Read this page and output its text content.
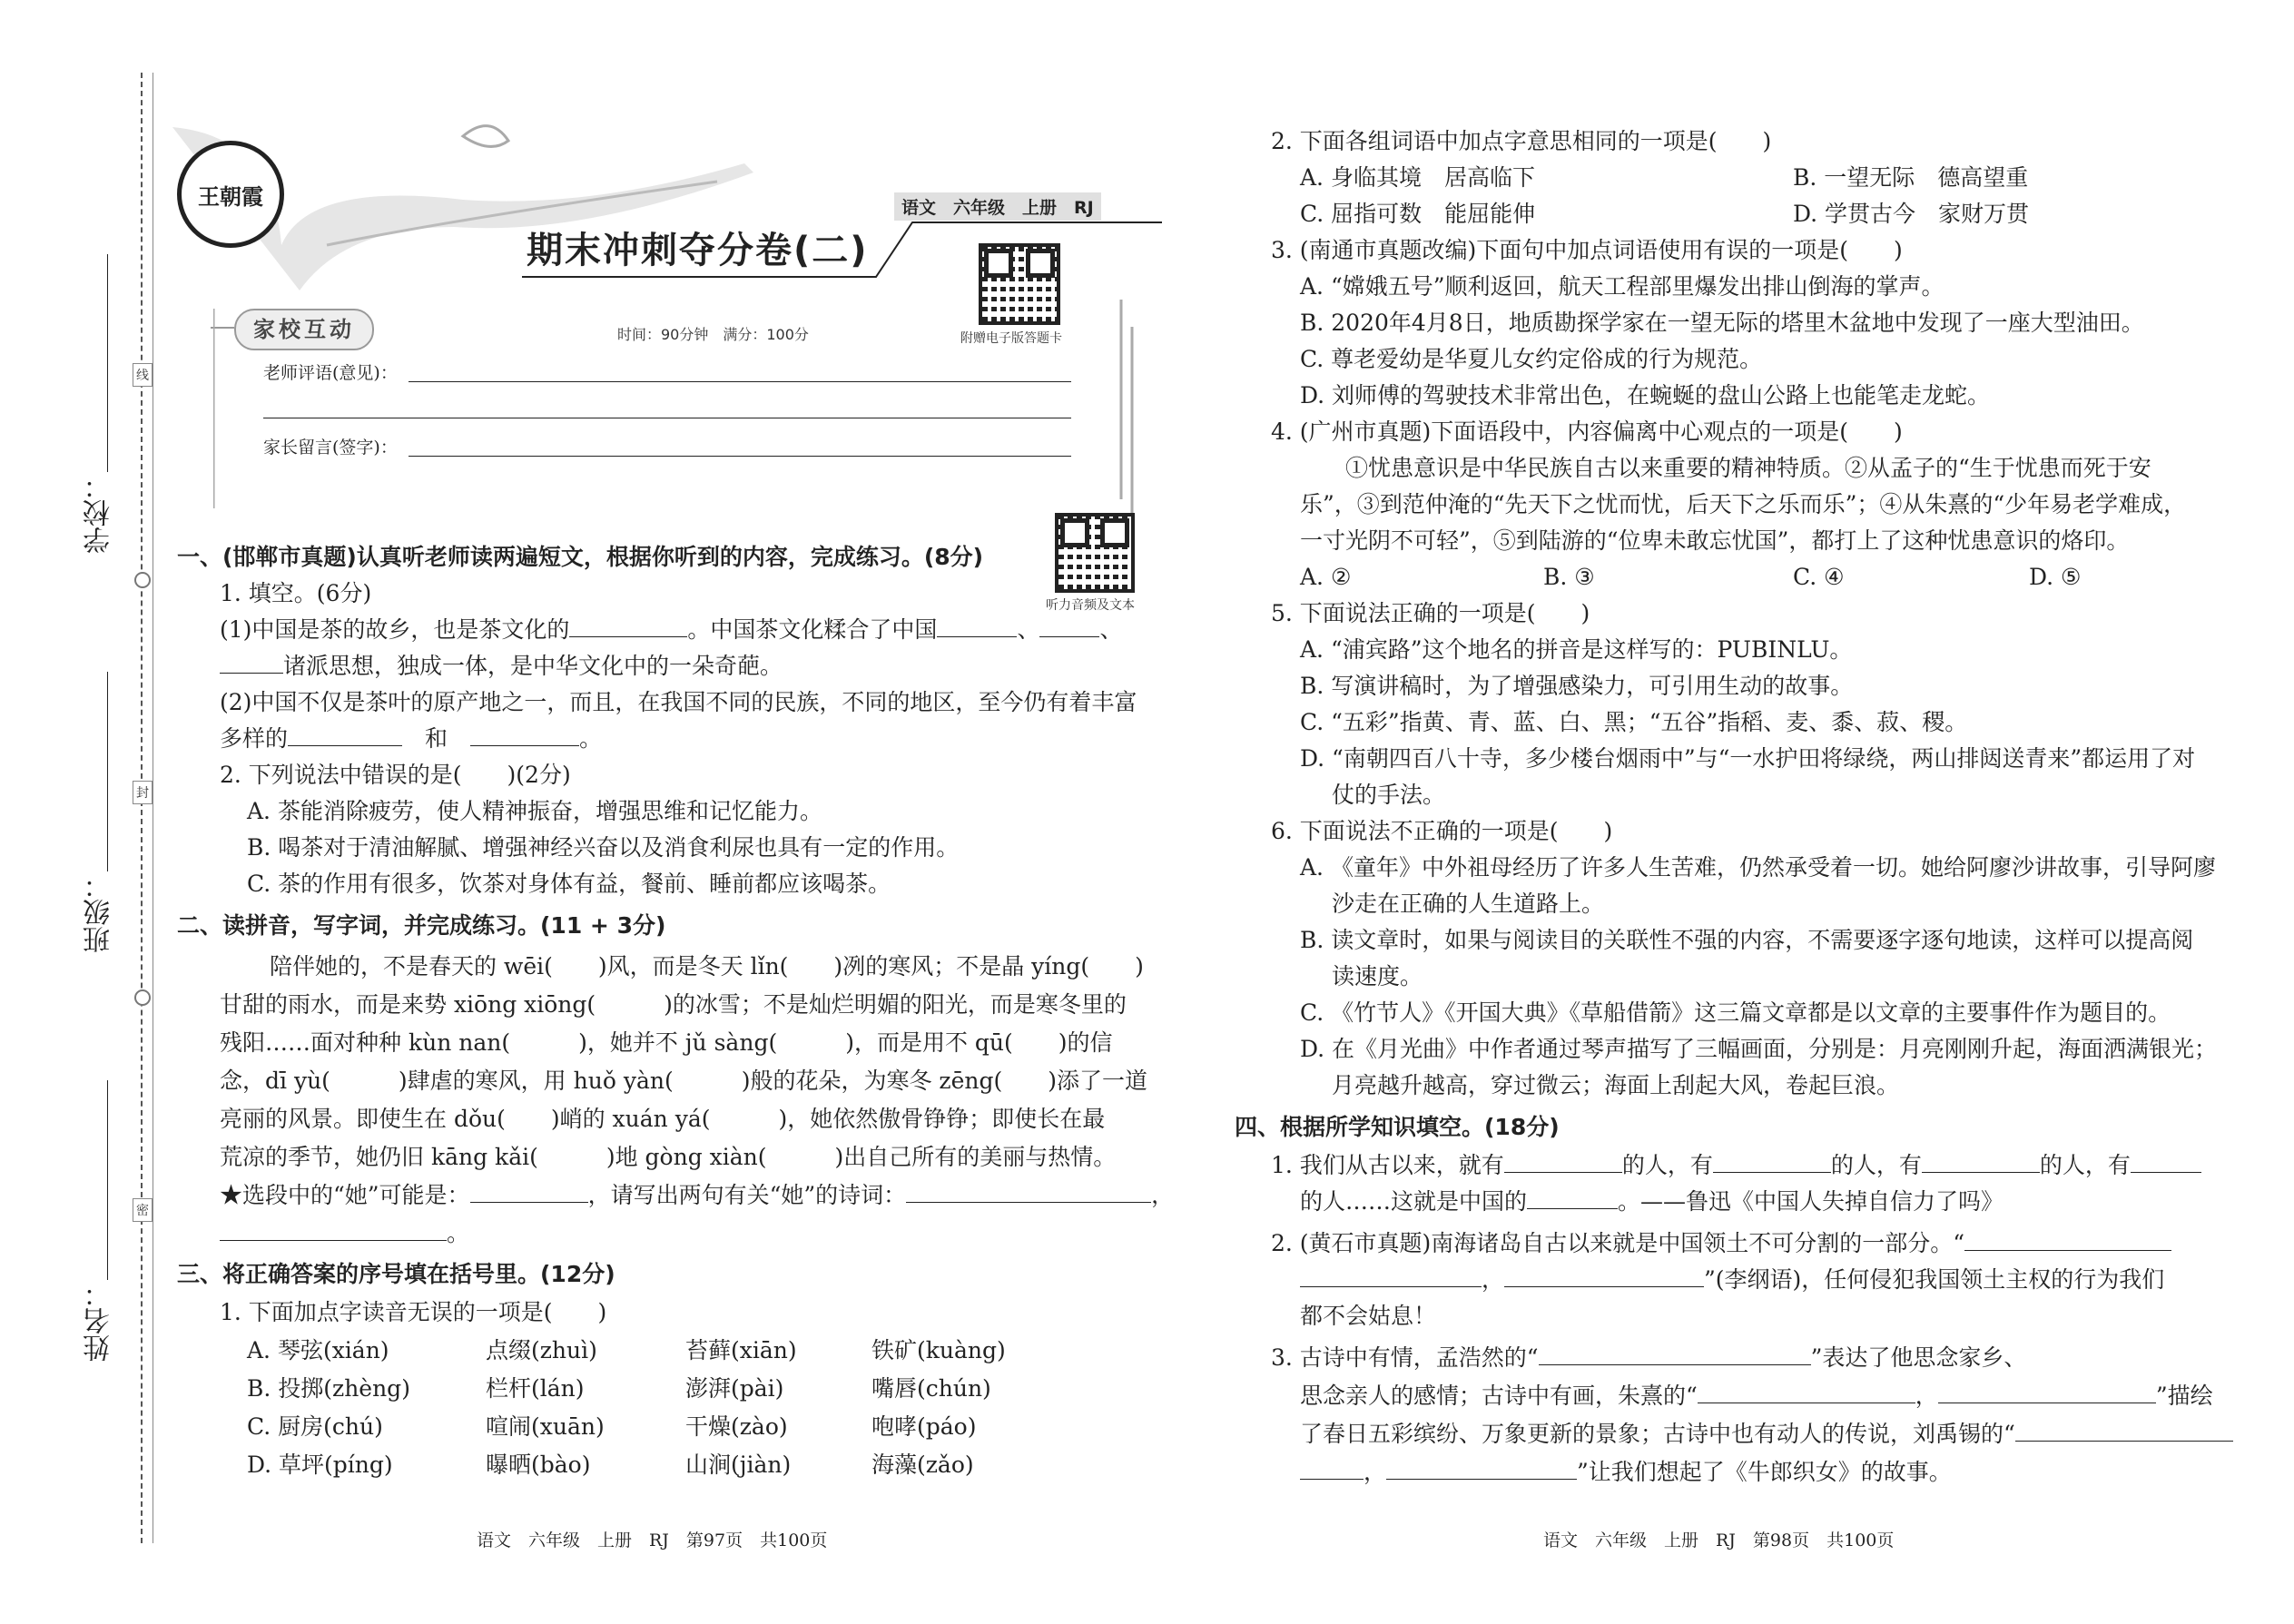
学校：
班级：
姓名：
线
封
密
王朝霞
期末冲刺夺分卷(二)
语文　六年级　上册　RJ
附赠电子版答题卡
家校互动	时间：90分钟　满分：100分
老师评语(意见)：
家长留言(签字)：
听力音频及文本
一、(邯郸市真题)认真听老师读两遍短文，根据你听到的内容，完成练习。(8分)
1. 填空。(6分)
(1)中国是茶的故乡，也是茶文化的	。中国茶文化糅合了中国	、	、
诸派思想，独成一体，是中华文化中的一朵奇葩。
(2)中国不仅是茶叶的原产地之一，而且，在我国不同的民族，不同的地区，至今仍有着丰富
多样的　	和　	。
2. 下列说法中错误的是(　　)(2分)
A. 茶能消除疲劳，使人精神振奋，增强思维和记忆能力。
B. 喝茶对于清油解腻、增强神经兴奋以及消食利尿也具有一定的作用。
C. 茶的作用有很多，饮茶对身体有益，餐前、睡前都应该喝茶。
二、读拼音，写字词，并完成练习。(11 + 3分)
陪伴她的，不是春天的 wēi(　　)风，而是冬天 lǐn(　　)冽的寒风；不是晶 yíng(　　)
甘甜的雨水，而是来势 xiōng xiōng(　　　)的冰雪；不是灿烂明媚的阳光，而是寒冬里的
残阳……面对种种 kùn nan(　　　)，她并不 jǔ sàng(　　　)，而是用不 qū(　　)的信
念，dī yù(　　　)肆虐的寒风，用 huǒ yàn(　　　)般的花朵，为寒冬 zēng(　　)添了一道
亮丽的风景。即使生在 dǒu(　　)峭的 xuán yá(　　　)，她依然傲骨铮铮；即使长在最
荒凉的季节，她仍旧 kāng kǎi(　　　)地 gòng xiàn(　　　)出自己所有的美丽与热情。
★选段中的“她”可能是：	，请写出两句有关“她”的诗词：	，
。
三、将正确答案的序号填在括号里。(12分)
1. 下面加点字读音无误的一项是(　　)
A. 琴弦(xián)	点缀(zhuì)	苔藓(xiān)	铁矿(kuàng)
B. 投掷(zhèng)	栏杆(lán)	澎湃(pài)	嘴唇(chún)
C. 厨房(chú)	喧闹(xuān)	干燥(zào)	咆哮(páo)
D. 草坪(píng)	曝晒(bào)	山涧(jiàn)	海藻(zǎo)
语文　六年级　上册　RJ　第97页　共100页
2. 下面各组词语中加点字意思相同的一项是(　　)
A. 身临其境　居高临下	B. 一望无际　德高望重
C. 屈指可数　能屈能伸	D. 学贯古今　家财万贯
3. (南通市真题改编)下面句中加点词语使用有误的一项是(　　)
A. “嫦娥五号”顺利返回，航天工程部里爆发出排山倒海的掌声。
B. 2020年4月8日，地质勘探学家在一望无际的塔里木盆地中发现了一座大型油田。
C. 尊老爱幼是华夏儿女约定俗成的行为规范。
D. 刘师傅的驾驶技术非常出色，在蜿蜒的盘山公路上也能笔走龙蛇。
4. (广州市真题)下面语段中，内容偏离中心观点的一项是(　　)
①忧患意识是中华民族自古以来重要的精神特质。②从孟子的“生于忧患而死于安
乐”，③到范仲淹的“先天下之忧而忧，后天下之乐而乐”；④从朱熹的“少年易老学难成，
一寸光阴不可轻”，⑤到陆游的“位卑未敢忘忧国”，都打上了这种忧患意识的烙印。
A. ②	B. ③	C. ④	D. ⑤
5. 下面说法正确的一项是(　　)
A. “浦宾路”这个地名的拼音是这样写的：PUBINLU。
B. 写演讲稿时，为了增强感染力，可引用生动的故事。
C. “五彩”指黄、青、蓝、白、黑；“五谷”指稻、麦、黍、菽、稷。
D. “南朝四百八十寺，多少楼台烟雨中”与“一水护田将绿绕，两山排闼送青来”都运用了对
仗的手法。
6. 下面说法不正确的一项是(　　)
A. 《童年》中外祖母经历了许多人生苦难，仍然承受着一切。她给阿廖沙讲故事，引导阿廖
沙走在正确的人生道路上。
B. 读文章时，如果与阅读目的关联性不强的内容，不需要逐字逐句地读，这样可以提高阅
读速度。
C. 《竹节人》《开国大典》《草船借箭》这三篇文章都是以文章的主要事件作为题目的。
D. 在《月光曲》中作者通过琴声描写了三幅画面，分别是：月亮刚刚升起，海面洒满银光；
月亮越升越高，穿过微云；海面上刮起大风，卷起巨浪。
四、根据所学知识填空。(18分)
1. 我们从古以来，就有	的人，有	的人，有	的人，有
的人……这就是中国的	。——鲁迅《中国人失掉自信力了吗》
2. (黄石市真题)南海诸岛自古以来就是中国领土不可分割的一部分。“
，	”(李纲语)，任何侵犯我国领土主权的行为我们
都不会姑息！
3. 古诗中有情，孟浩然的“	”表达了他思念家乡、
思念亲人的感情；古诗中有画，朱熹的“	，	”描绘
了春日五彩缤纷、万象更新的景象；古诗中也有动人的传说，刘禹锡的“
，	”让我们想起了《牛郎织女》的故事。
语文　六年级　上册　RJ　第98页　共100页
